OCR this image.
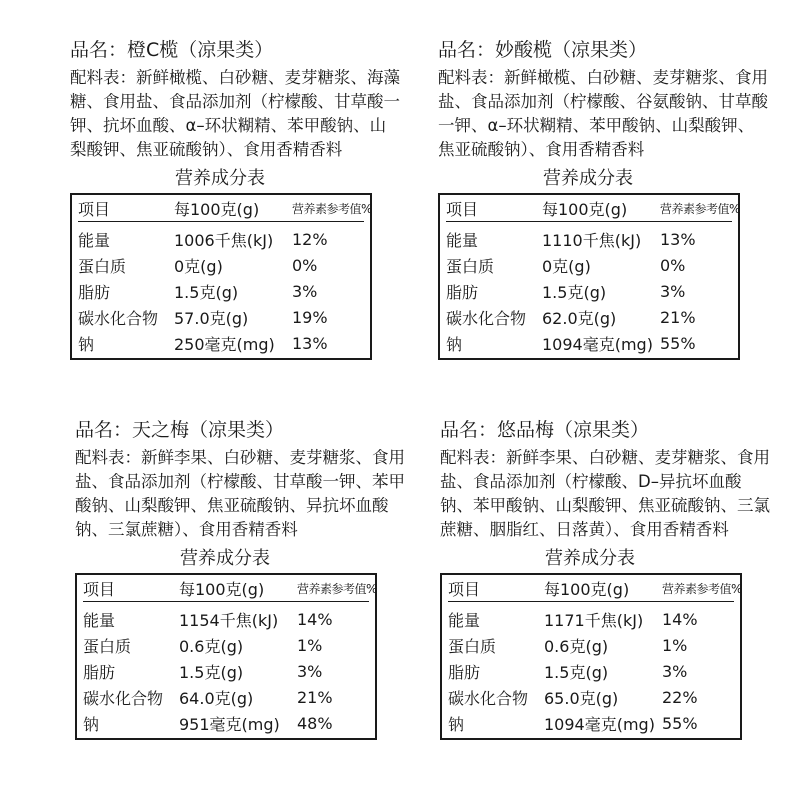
品名：橙C榄（凉果类）
配料表：新鲜橄榄、白砂糖、麦芽糖浆、海藻糖、食用盐、食品添加剂（柠檬酸、甘草酸一钾、抗坏血酸、α–环状糊精、苯甲酸钠、山梨酸钾、焦亚硫酸钠）、食用香精香料
营养成分表
项目	每100克(g)	营养素参考值%
能量	1006千焦(kJ)	12%
蛋白质	0克(g)	0%
脂肪	1.5克(g)	3%
碳水化合物 57.0克(g)	19%
钠	250毫克(mg)	13%
品名：妙酸榄（凉果类）
配料表：新鲜橄榄、白砂糖、麦芽糖浆、食用盐、食品添加剂（柠檬酸、谷氨酸钠、甘草酸一钾、α–环状糊精、苯甲酸钠、山梨酸钾、焦亚硫酸钠）、食用香精香料
营养成分表
项目	每100克(g)	营养素参考值%
能量	1110千焦(kJ)	13%
蛋白质	0克(g)	0%
脂肪	1.5克(g)	3%
碳水化合物 62.0克(g)	21%
钠	1094毫克(mg) 55%
品名：天之梅（凉果类）
配料表：新鲜李果、白砂糖、麦芽糖浆、食用盐、食品添加剂（柠檬酸、甘草酸一钾、苯甲酸钠、山梨酸钾、焦亚硫酸钠、异抗坏血酸钠、三氯蔗糖）、食用香精香料
营养成分表
项目	每100克(g)	营养素参考值%
能量	1154千焦(kJ)	14%
蛋白质	0.6克(g)	1%
脂肪	1.5克(g)	3%
碳水化合物 64.0克(g)	21%
钠	951毫克(mg)	48%
品名：悠品梅（凉果类）
配料表：新鲜李果、白砂糖、麦芽糖浆、食用盐、食品添加剂（柠檬酸、D–异抗坏血酸钠、苯甲酸钠、山梨酸钾、焦亚硫酸钠、三氯蔗糖、胭脂红、日落黄）、食用香精香料
营养成分表
项目	每100克(g)	营养素参考值%
能量	1171千焦(kJ)	14%
蛋白质	0.6克(g)	1%
脂肪	1.5克(g)	3%
碳水化合物 65.0克(g)	22%
钠	1094毫克(mg) 55%
